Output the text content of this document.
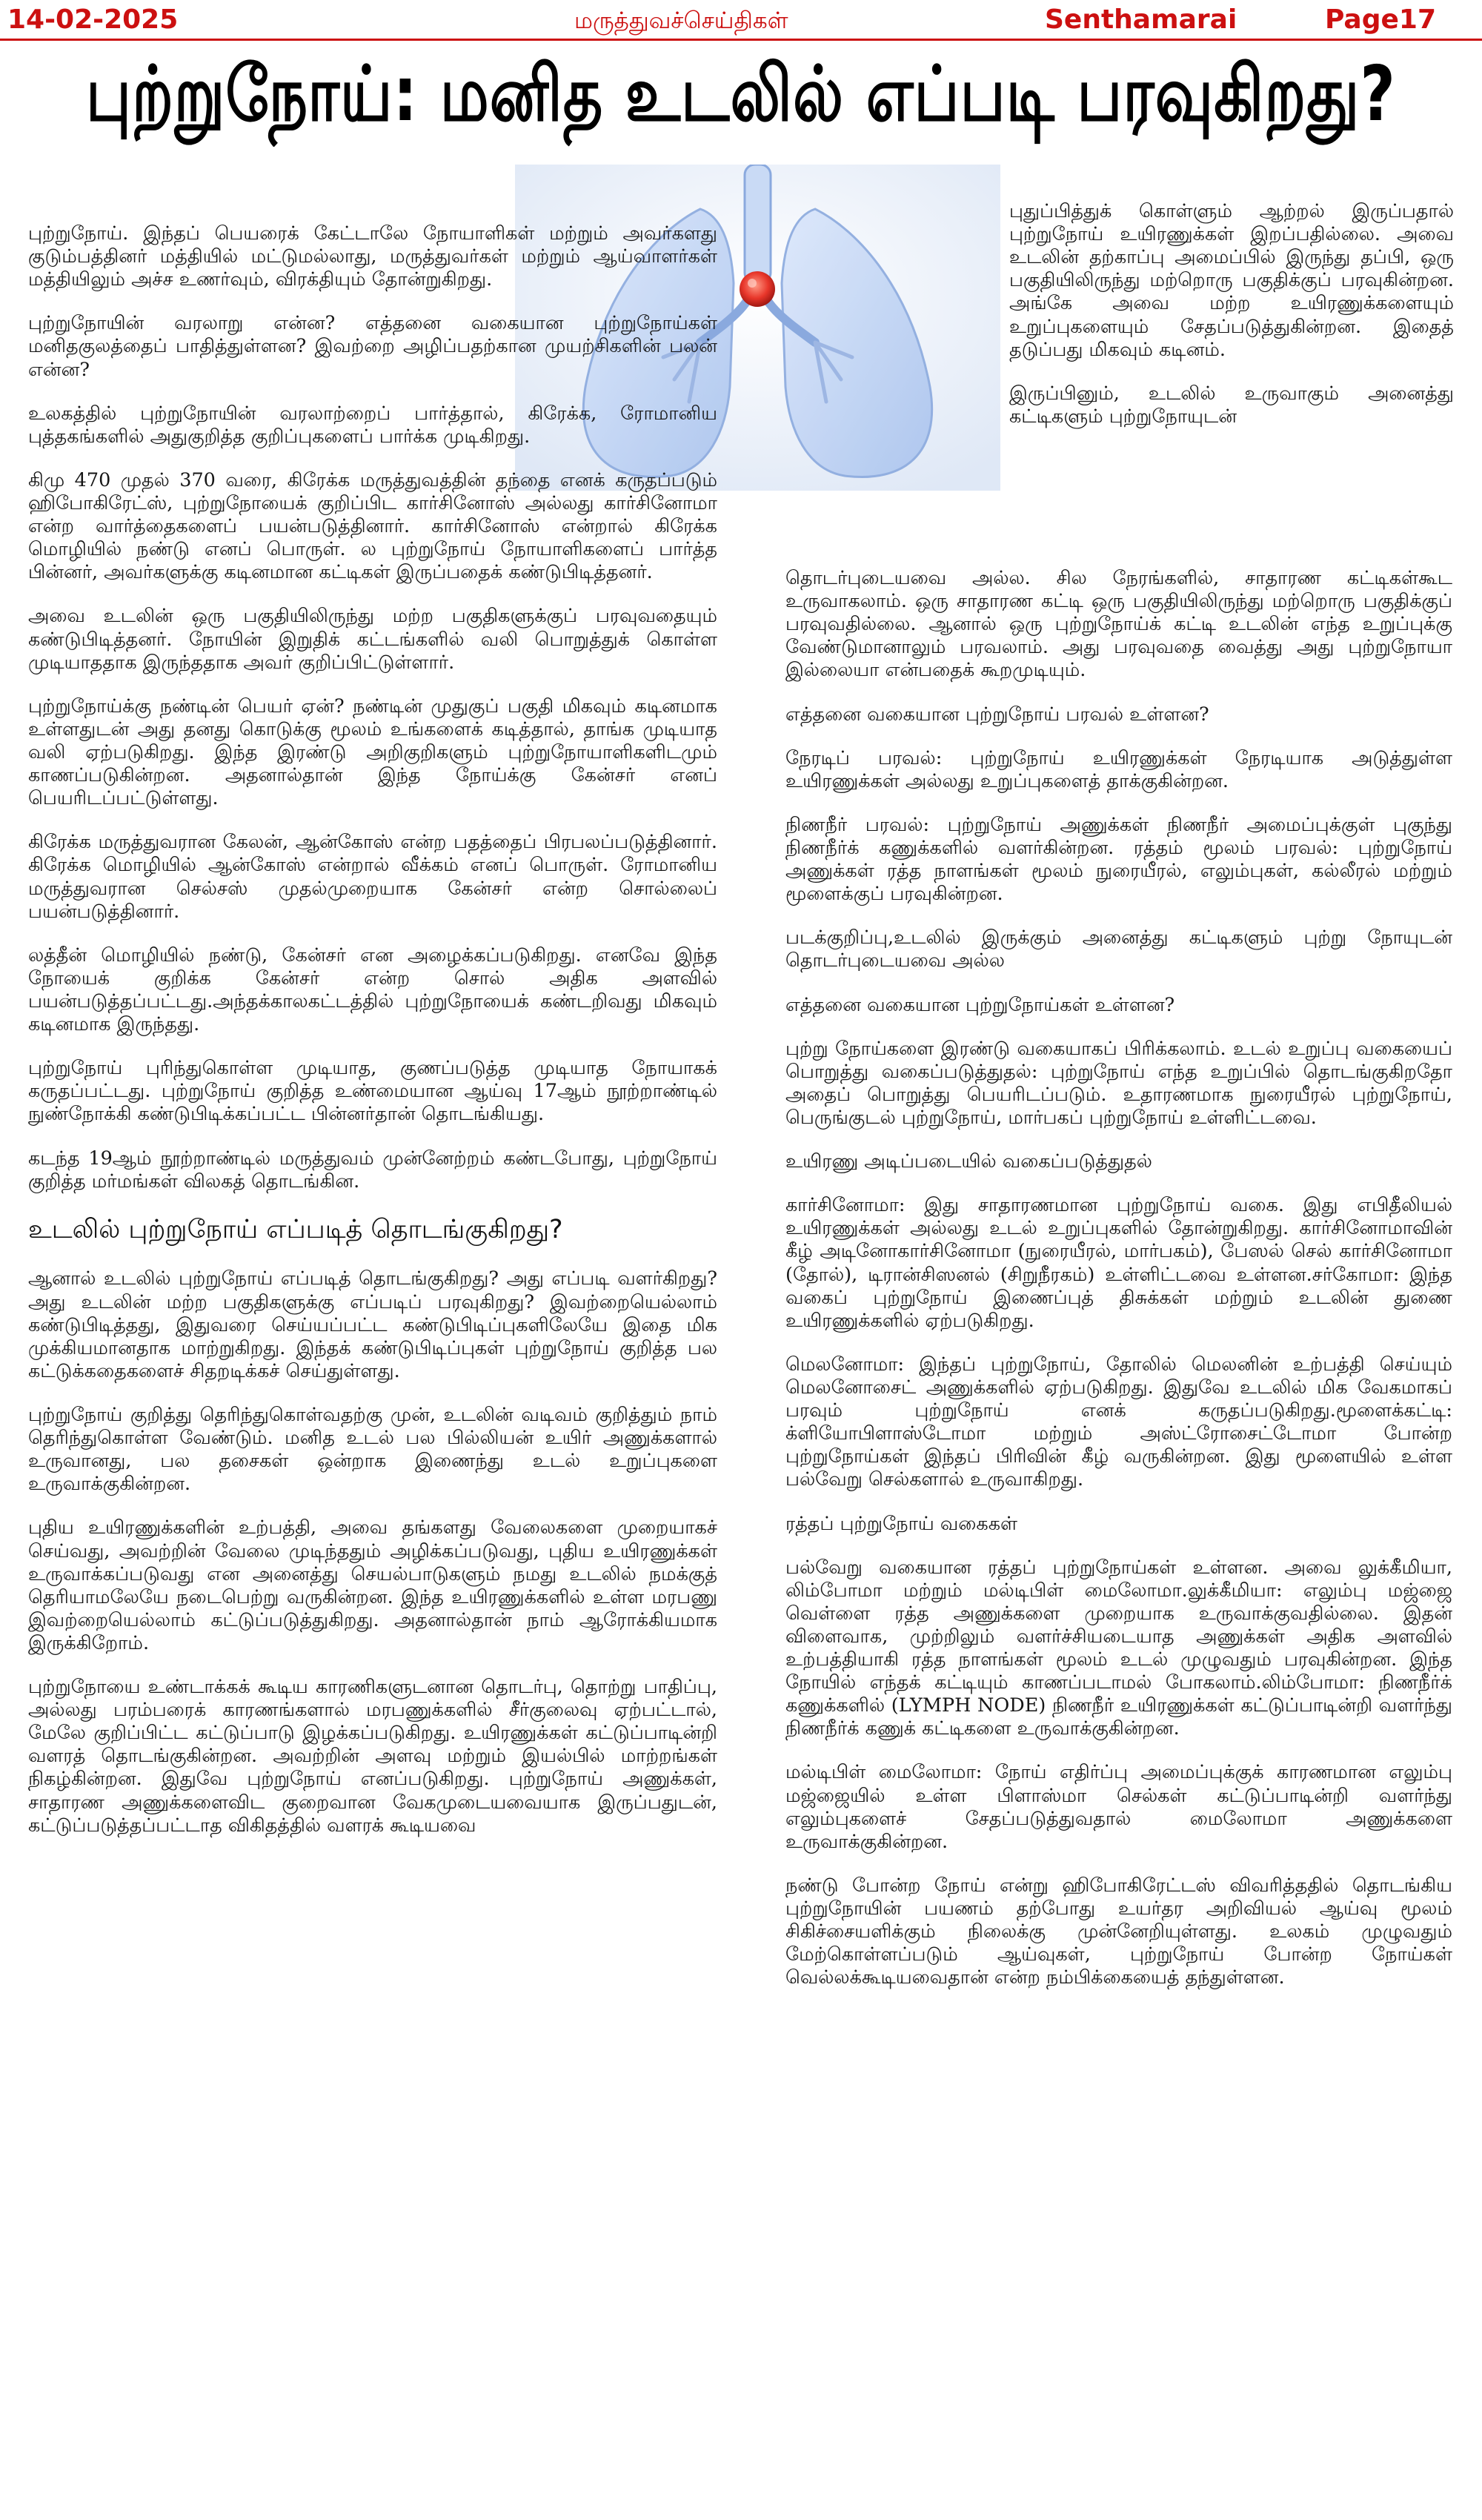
14-02-2025	மருத்துவச்செய்திகள்	Senthamarai	Page17
புற்றுநோய்: மனித உடலில் எப்படி பரவுகிறது?

புற்றுநோய். இந்தப் பெயரைக் கேட்டாலே நோயாளிகள் மற்றும் அவர்களது குடும்பத்தினர் மத்தியில் மட்டுமல்லாது, மருத்துவர்கள் மற்றும் ஆய்வாளர்கள் மத்தியிலும் அச்ச உணர்வும், விரக்தியும் தோன்றுகிறது.

புற்றுநோயின் வரலாறு என்ன? எத்தனை வகையான புற்றுநோய்கள் மனிதகுலத்தைப் பாதித்துள்ளன? இவற்றை அழிப்பதற்கான முயற்சிகளின் பலன் என்ன?

உலகத்தில் புற்றுநோயின் வரலாற்றைப் பார்த்தால், கிரேக்க, ரோமானிய புத்தகங்களில் அதுகுறித்த குறிப்புகளைப் பார்க்க முடிகிறது.

கிமு 470 முதல் 370 வரை, கிரேக்க மருத்துவத்தின் தந்தை எனக் கருதப்படும் ஹிபோகிரேட்ஸ், புற்றுநோயைக் குறிப்பிட கார்சினோஸ் அல்லது கார்சினோமா என்ற வார்த்தைகளைப் பயன்படுத்தினார். கார்சினோஸ் என்றால் கிரேக்க மொழியில் நண்டு எனப் பொருள். ல புற்றுநோய் நோயாளிகளைப் பார்த்த பின்னர், அவர்களுக்கு கடினமான கட்டிகள் இருப்பதைக் கண்டுபிடித்தனர்.

அவை உடலின் ஒரு பகுதியிலிருந்து மற்ற பகுதிகளுக்குப் பரவுவதையும் கண்டுபிடித்தனர். நோயின் இறுதிக் கட்டங்களில் வலி பொறுத்துக் கொள்ள முடியாததாக இருந்ததாக அவர் குறிப்பிட்டுள்ளார்.

புற்றுநோய்க்கு நண்டின் பெயர் ஏன்? நண்டின் முதுகுப் பகுதி மிகவும் கடினமாக உள்ளதுடன் அது தனது கொடுக்கு மூலம் உங்களைக் கடித்தால், தாங்க முடியாத வலி ஏற்படுகிறது. இந்த இரண்டு அறிகுறிகளும் புற்றுநோயாளிகளிடமும் காணப்படுகின்றன. அதனால்தான் இந்த நோய்க்கு கேன்சர் எனப் பெயரிடப்பட்டுள்ளது.

கிரேக்க மருத்துவரான கேலன், ஆன்கோஸ் என்ற பதத்தைப் பிரபலப்படுத்தினார். கிரேக்க மொழியில் ஆன்கோஸ் என்றால் வீக்கம் எனப் பொருள். ரோமானிய மருத்துவரான செல்சஸ் முதல்முறையாக கேன்சர் என்ற சொல்லைப் பயன்படுத்தினார்.

லத்தீன் மொழியில் நண்டு, கேன்சர் என அழைக்கப்படுகிறது. எனவே இந்த நோயைக் குறிக்க கேன்சர் என்ற சொல் அதிக அளவில் பயன்படுத்தப்பட்டது.அந்தக்காலகட்டத்தில் புற்றுநோயைக் கண்டறிவது மிகவும் கடினமாக இருந்தது.

புற்றுநோய் புரிந்துகொள்ள முடியாத, குணப்படுத்த முடியாத நோயாகக் கருதப்பட்டது. புற்றுநோய் குறித்த உண்மையான ஆய்வு 17ஆம் நூற்றாண்டில் நுண்நோக்கி கண்டுபிடிக்கப்பட்ட பின்னர்தான் தொடங்கியது.

கடந்த 19ஆம் நூற்றாண்டில் மருத்துவம் முன்னேற்றம் கண்டபோது, புற்றுநோய் குறித்த மர்மங்கள் விலகத் தொடங்கின.

உடலில் புற்றுநோய் எப்படித் தொடங்குகிறது?

ஆனால் உடலில் புற்றுநோய் எப்படித் தொடங்குகிறது? அது எப்படி வளர்கிறது? அது உடலின் மற்ற பகுதிகளுக்கு எப்படிப் பரவுகிறது? இவற்றையெல்லாம் கண்டுபிடித்தது, இதுவரை செய்யப்பட்ட கண்டுபிடிப்புகளிலேயே இதை மிக முக்கியமானதாக மாற்றுகிறது. இந்தக் கண்டுபிடிப்புகள் புற்றுநோய் குறித்த பல கட்டுக்கதைகளைச் சிதறடிக்கச் செய்துள்ளது.

புற்றுநோய் குறித்து தெரிந்துகொள்வதற்கு முன், உடலின் வடிவம் குறித்தும் நாம் தெரிந்துகொள்ள வேண்டும். மனித உடல் பல பில்லியன் உயிர் அணுக்களால் உருவானது, பல தசைகள் ஒன்றாக இணைந்து உடல் உறுப்புகளை உருவாக்குகின்றன.

புதிய உயிரணுக்களின் உற்பத்தி, அவை தங்களது வேலைகளை முறையாகச் செய்வது, அவற்றின் வேலை முடிந்ததும் அழிக்கப்படுவது, புதிய உயிரணுக்கள் உருவாக்கப்படுவது என அனைத்து செயல்பாடுகளும் நமது உடலில் நமக்குத் தெரியாமலேயே நடைபெற்று வருகின்றன. இந்த உயிரணுக்களில் உள்ள மரபணு இவற்றையெல்லாம் கட்டுப்படுத்துகிறது. அதனால்தான் நாம் ஆரோக்கியமாக இருக்கிறோம்.

புற்றுநோயை உண்டாக்கக் கூடிய காரணிகளுடனான தொடர்பு, தொற்று பாதிப்பு, அல்லது பரம்பரைக் காரணங்களால் மரபணுக்களில் சீர்குலைவு ஏற்பட்டால், மேலே குறிப்பிட்ட கட்டுப்பாடு இழக்கப்படுகிறது. உயிரணுக்கள் கட்டுப்பாடின்றி வளரத் தொடங்குகின்றன. அவற்றின் அளவு மற்றும் இயல்பில் மாற்றங்கள் நிகழ்கின்றன. இதுவே புற்றுநோய் எனப்படுகிறது. புற்றுநோய் அணுக்கள், சாதாரண அணுக்களைவிட குறைவான வேகமுடையவையாக இருப்பதுடன், கட்டுப்படுத்தப்பட்டாத விகிதத்தில் வளரக் கூடியவை

புதுப்பித்துக் கொள்ளும் ஆற்றல் இருப்பதால் புற்றுநோய் உயிரணுக்கள் இறப்பதில்லை. அவை உடலின் தற்காப்பு அமைப்பில் இருந்து தப்பி, ஒரு பகுதியிலிருந்து மற்றொரு பகுதிக்குப் பரவுகின்றன. அங்கே அவை மற்ற உயிரணுக்களையும் உறுப்புகளையும் சேதப்படுத்துகின்றன. இதைத் தடுப்பது மிகவும் கடினம்.

இருப்பினும், உடலில் உருவாகும் அனைத்து கட்டிகளும் புற்றுநோயுடன்

தொடர்புடையவை அல்ல. சில நேரங்களில், சாதாரண கட்டிகள்கூட உருவாகலாம். ஒரு சாதாரண கட்டி ஒரு பகுதியிலிருந்து மற்றொரு பகுதிக்குப் பரவுவதில்லை. ஆனால் ஒரு புற்றுநோய்க் கட்டி உடலின் எந்த உறுப்புக்கு வேண்டுமானாலும் பரவலாம். அது பரவுவதை வைத்து அது புற்றுநோயா இல்லையா என்பதைக் கூறமுடியும்.

எத்தனை வகையான புற்றுநோய் பரவல் உள்ளன?

நேரடிப் பரவல்: புற்றுநோய் உயிரணுக்கள் நேரடியாக அடுத்துள்ள உயிரணுக்கள் அல்லது உறுப்புகளைத் தாக்குகின்றன.

நிணநீர் பரவல்: புற்றுநோய் அணுக்கள் நிணநீர் அமைப்புக்குள் புகுந்து நிணநீர்க் கணுக்களில் வளர்கின்றன. ரத்தம் மூலம் பரவல்: புற்றுநோய் அணுக்கள் ரத்த நாளங்கள் மூலம் நுரையீரல், எலும்புகள், கல்லீரல் மற்றும் மூளைக்குப் பரவுகின்றன.

படக்குறிப்பு,உடலில் இருக்கும் அனைத்து கட்டிகளும் புற்று நோயுடன் தொடர்புடையவை அல்ல

எத்தனை வகையான புற்றுநோய்கள் உள்ளன?

புற்று நோய்களை இரண்டு வகையாகப் பிரிக்கலாம். உடல் உறுப்பு வகையைப் பொறுத்து வகைப்படுத்துதல்: புற்றுநோய் எந்த உறுப்பில் தொடங்குகிறதோ அதைப் பொறுத்து பெயரிடப்படும். உதாரணமாக நுரையீரல் புற்றுநோய், பெருங்குடல் புற்றுநோய், மார்பகப் புற்றுநோய் உள்ளிட்டவை.

உயிரணு அடிப்படையில் வகைப்படுத்துதல்

கார்சினோமா: இது சாதாரணமான புற்றுநோய் வகை. இது எபிதீலியல் உயிரணுக்கள் அல்லது உடல் உறுப்புகளில் தோன்றுகிறது. கார்சினோமாவின் கீழ் அடினோகார்சினோமா (நுரையீரல், மார்பகம்), பேஸல் செல் கார்சினோமா (தோல்), டிரான்சிஸனல் (சிறுநீரகம்) உள்ளிட்டவை உள்ளன.சர்கோமா: இந்த வகைப் புற்றுநோய் இணைப்புத் திசுக்கள் மற்றும் உடலின் துணை உயிரணுக்களில் ஏற்படுகிறது.

மெலனோமா: இந்தப் புற்றுநோய், தோலில் மெலனின் உற்பத்தி செய்யும் மெலனோசைட் அணுக்களில் ஏற்படுகிறது. இதுவே உடலில் மிக வேகமாகப் பரவும் புற்றுநோய் எனக் கருதப்படுகிறது.மூளைக்கட்டி: க்ளியோபிளாஸ்டோமா மற்றும் அஸ்ட்ரோசைட்டோமா போன்ற புற்றுநோய்கள் இந்தப் பிரிவின் கீழ் வருகின்றன. இது மூளையில் உள்ள பல்வேறு செல்களால் உருவாகிறது.

ரத்தப் புற்றுநோய் வகைகள்

பல்வேறு வகையான ரத்தப் புற்றுநோய்கள் உள்ளன. அவை லுக்கீமியா, லிம்போமா மற்றும் மல்டிபிள் மைலோமா.லுக்கீமியா: எலும்பு மஜ்ஜை வெள்ளை ரத்த அணுக்களை முறையாக உருவாக்குவதில்லை. இதன் விளைவாக, முற்றிலும் வளர்ச்சியடையாத அணுக்கள் அதிக அளவில் உற்பத்தியாகி ரத்த நாளங்கள் மூலம் உடல் முழுவதும் பரவுகின்றன. இந்த நோயில் எந்தக் கட்டியும் காணப்படாமல் போகலாம்.லிம்போமா: நிணநீர்க் கணுக்களில் (LYMPH NODE) நிணநீர் உயிரணுக்கள் கட்டுப்பாடின்றி வளர்ந்து நிணநீர்க் கணுக் கட்டிகளை உருவாக்குகின்றன.

மல்டிபிள் மைலோமா: நோய் எதிர்ப்பு அமைப்புக்குக் காரணமான எலும்பு மஜ்ஜையில் உள்ள பிளாஸ்மா செல்கள் கட்டுப்பாடின்றி வளர்ந்து எலும்புகளைச் சேதப்படுத்துவதால் மைலோமா அணுக்களை உருவாக்குகின்றன.

நண்டு போன்ற நோய் என்று ஹிபோகிரேட்டஸ் விவரித்ததில் தொடங்கிய புற்றுநோயின் பயணம் தற்போது உயர்தர அறிவியல் ஆய்வு மூலம் சிகிச்சையளிக்கும் நிலைக்கு முன்னேறியுள்ளது. உலகம் முழுவதும் மேற்கொள்ளப்படும் ஆய்வுகள், புற்றுநோய் போன்ற நோய்கள் வெல்லக்கூடியவைதான் என்ற நம்பிக்கையைத் தந்துள்ளன.
